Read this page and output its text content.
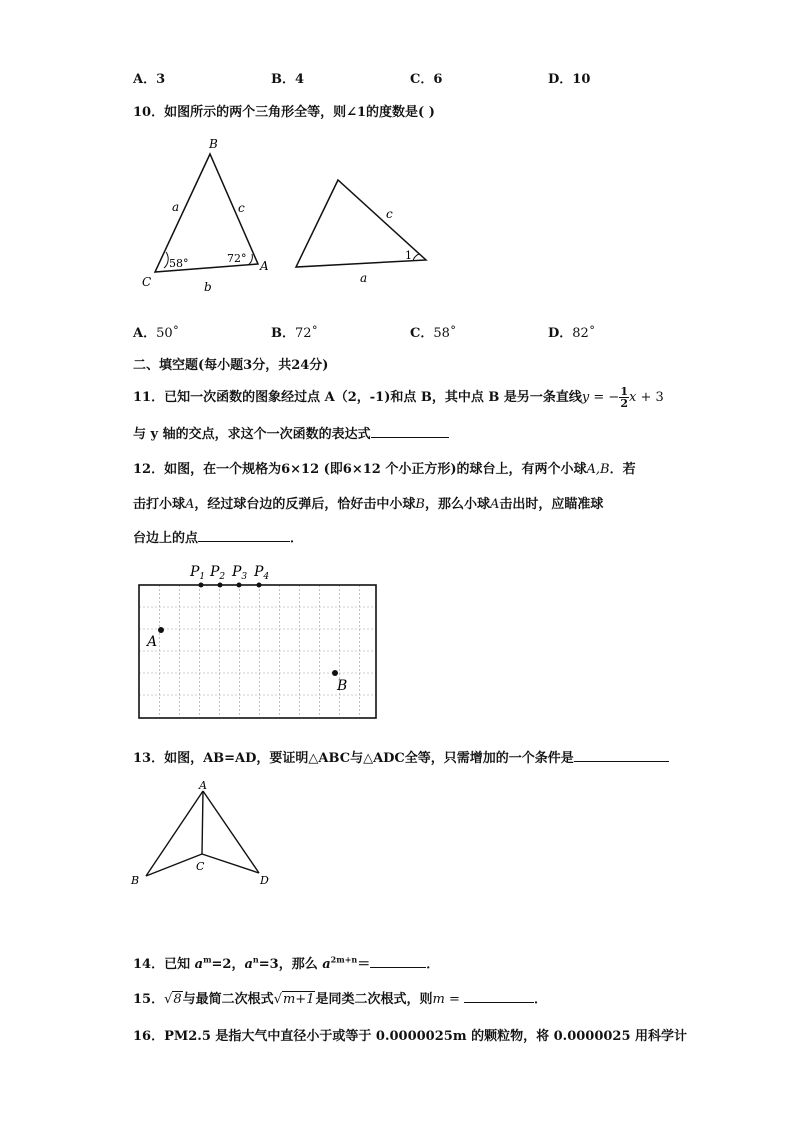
A．3	B．4	C．6	D．10
10．如图所示的两个三角形全等，则∠1的度数是( )
B
C
A
a	c
b
58°	72°
c
a
1
A．50˚	B．72˚	C．58˚	D．82˚
二、填空题(每小题3分，共24分)
11．已知一次函数的图象经过点 A（2，-1)和点 B，其中点 B 是另一条直线y = − $\frac{1}{2}$ x + 3
与 y 轴的交点，求这个一次函数的表达式
12．如图，在一个规格为6×12 (即6×12 个小正方形)的球台上，有两个小球A,B．若
击打小球A，经过球台边的反弹后，恰好击中小球B，那么小球A击出时，应瞄准球
台边上的点	．
$P_1$ $P_2$ $P_3$ $P_4$
A
B
13．如图，AB=AD，要证明△ABC与△ADC全等，只需增加的一个条件是
A
B
C
D
14．已知 $a^m=2$，$a^n=3$，那么 $a^{2m+n}=$	．
15．√8与最简二次根式√m+1是同类二次根式，则m =	．
16．PM2.5 是指大气中直径小于或等于 0.0000025m 的颗粒物，将 0.0000025 用科学计
